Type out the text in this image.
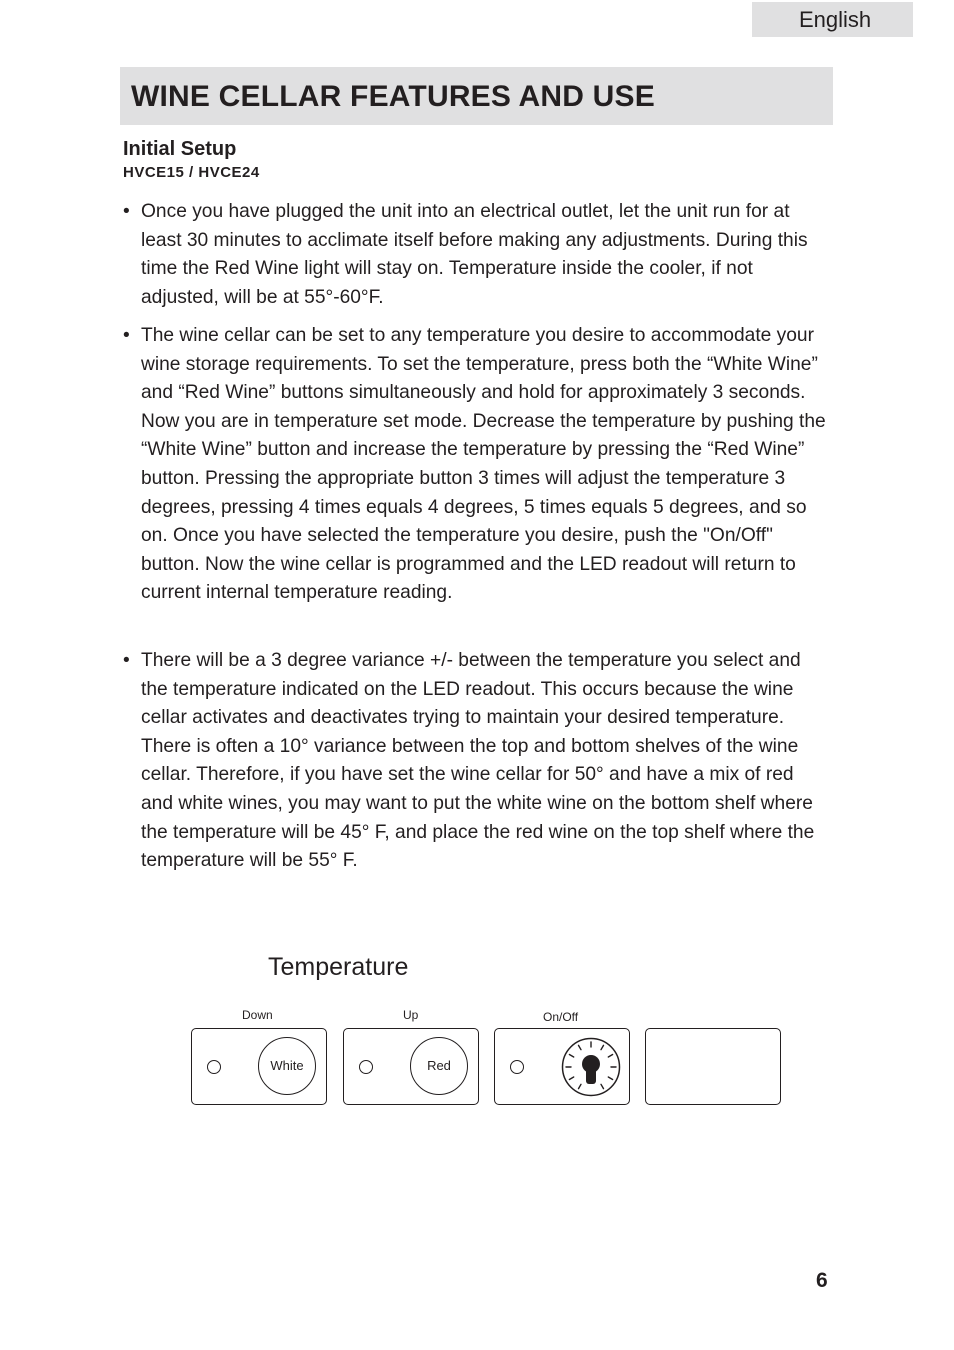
English
WINE CELLAR FEATURES AND USE
Initial Setup
HVCE15 / HVCE24
• Once you have plugged the unit into an electrical outlet, let the unit run for at least 30 minutes to acclimate itself before making any adjustments. During this time the Red Wine light will stay on. Temperature inside the cooler, if not adjusted, will be at 55°-60°F.
• The wine cellar can be set to any temperature you desire to accommodate your wine storage requirements. To set the temperature, press both the “White Wine” and “Red Wine” buttons simultaneously and hold for approximately 3 seconds. Now you are in temperature set mode. Decrease the temperature by pushing the “White Wine” button and increase the temperature by pressing the “Red Wine” button. Pressing the appropriate button 3 times will adjust the temperature 3 degrees, pressing 4 times equals 4 degrees, 5 times equals 5 degrees, and so on. Once you have selected the temperature you desire, push the "On/Off" button. Now the wine cellar is programmed and the LED readout will return to current internal temperature reading.
• There will be a 3 degree variance +/- between the temperature you select and the temperature indicated on the LED readout. This occurs because the wine cellar activates and deactivates trying to maintain your desired temperature. There is often a 10° variance between the top and bottom shelves of the wine cellar. Therefore, if you have set the wine cellar for 50° and have a mix of red and white wines, you may want to put the white wine on the bottom shelf where the temperature will be 45° F, and place the red wine on the top shelf where the temperature will be 55° F.
Temperature
Down	Up	On/Off
White	Red
6
